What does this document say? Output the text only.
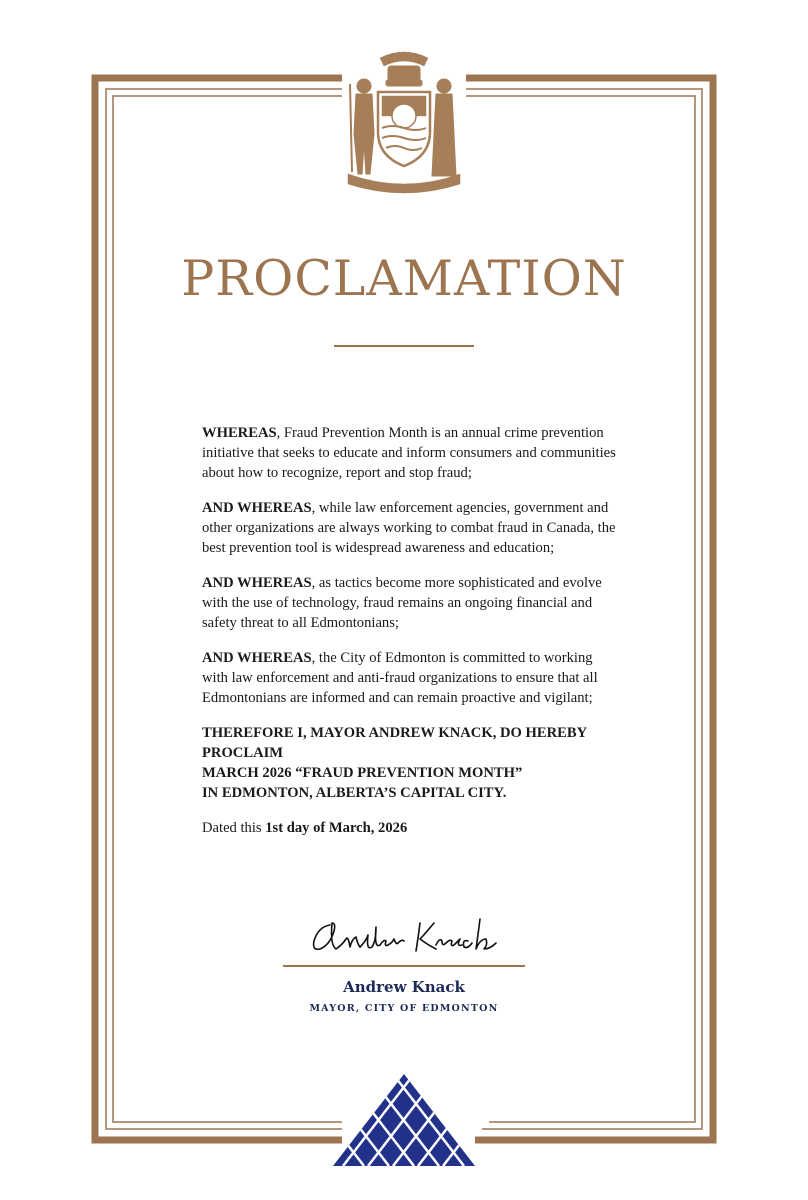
PROCLAMATION

WHEREAS, Fraud Prevention Month is an annual crime prevention initiative that seeks to educate and inform consumers and communities about how to recognize, report and stop fraud;

AND WHEREAS, while law enforcement agencies, government and other organizations are always working to combat fraud in Canada, the best prevention tool is widespread awareness and education;

AND WHEREAS, as tactics become more sophisticated and evolve with the use of technology, fraud remains an ongoing financial and safety threat to all Edmontonians;

AND WHEREAS, the City of Edmonton is committed to working with law enforcement and anti-fraud organizations to ensure that all Edmontonians are informed and can remain proactive and vigilant;

THEREFORE I, MAYOR ANDREW KNACK, DO HEREBY PROCLAIM
MARCH 2026 “FRAUD PREVENTION MONTH”
IN EDMONTON, ALBERTA’S CAPITAL CITY.

Dated this 1st day of March, 2026

Andrew Knack
MAYOR, CITY OF EDMONTON
